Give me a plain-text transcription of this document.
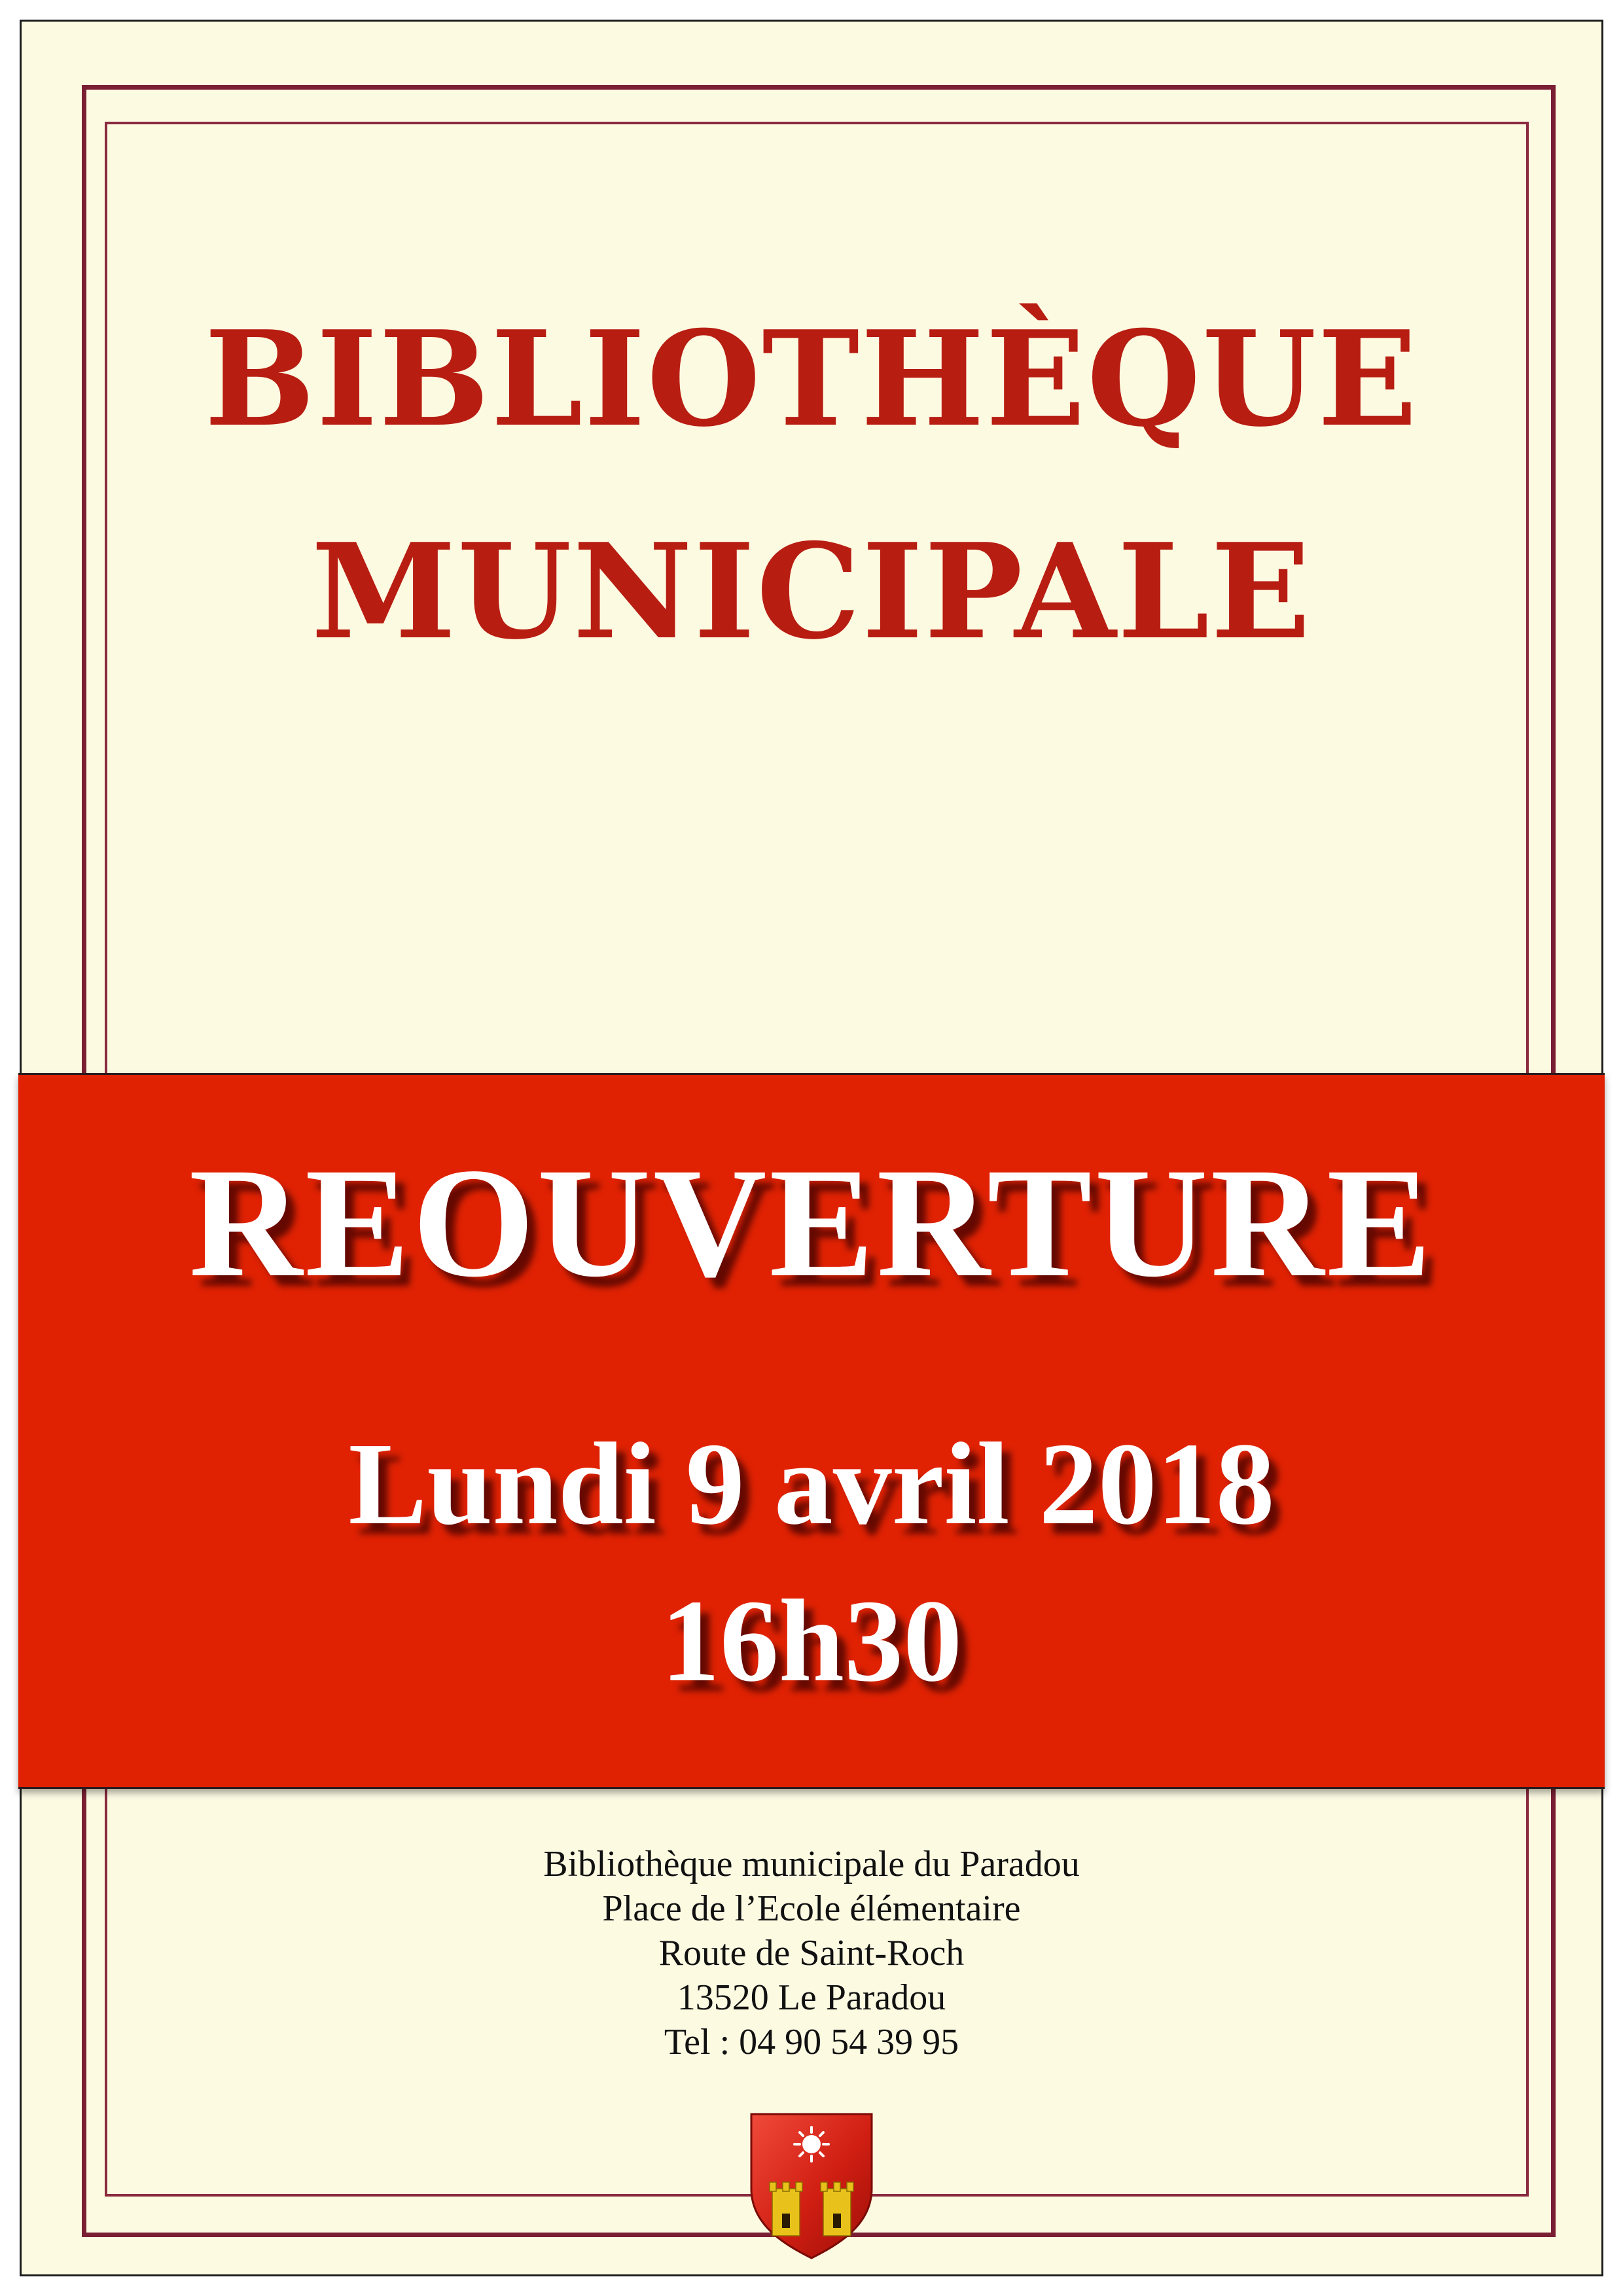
BIBLIOTHÈQUE
MUNICIPALE
REOUVERTURE
Lundi 9 avril 2018
16h30
Bibliothèque municipale du Paradou
Place de l’Ecole élémentaire
Route de Saint-Roch
13520 Le Paradou
Tel : 04 90 54 39 95
